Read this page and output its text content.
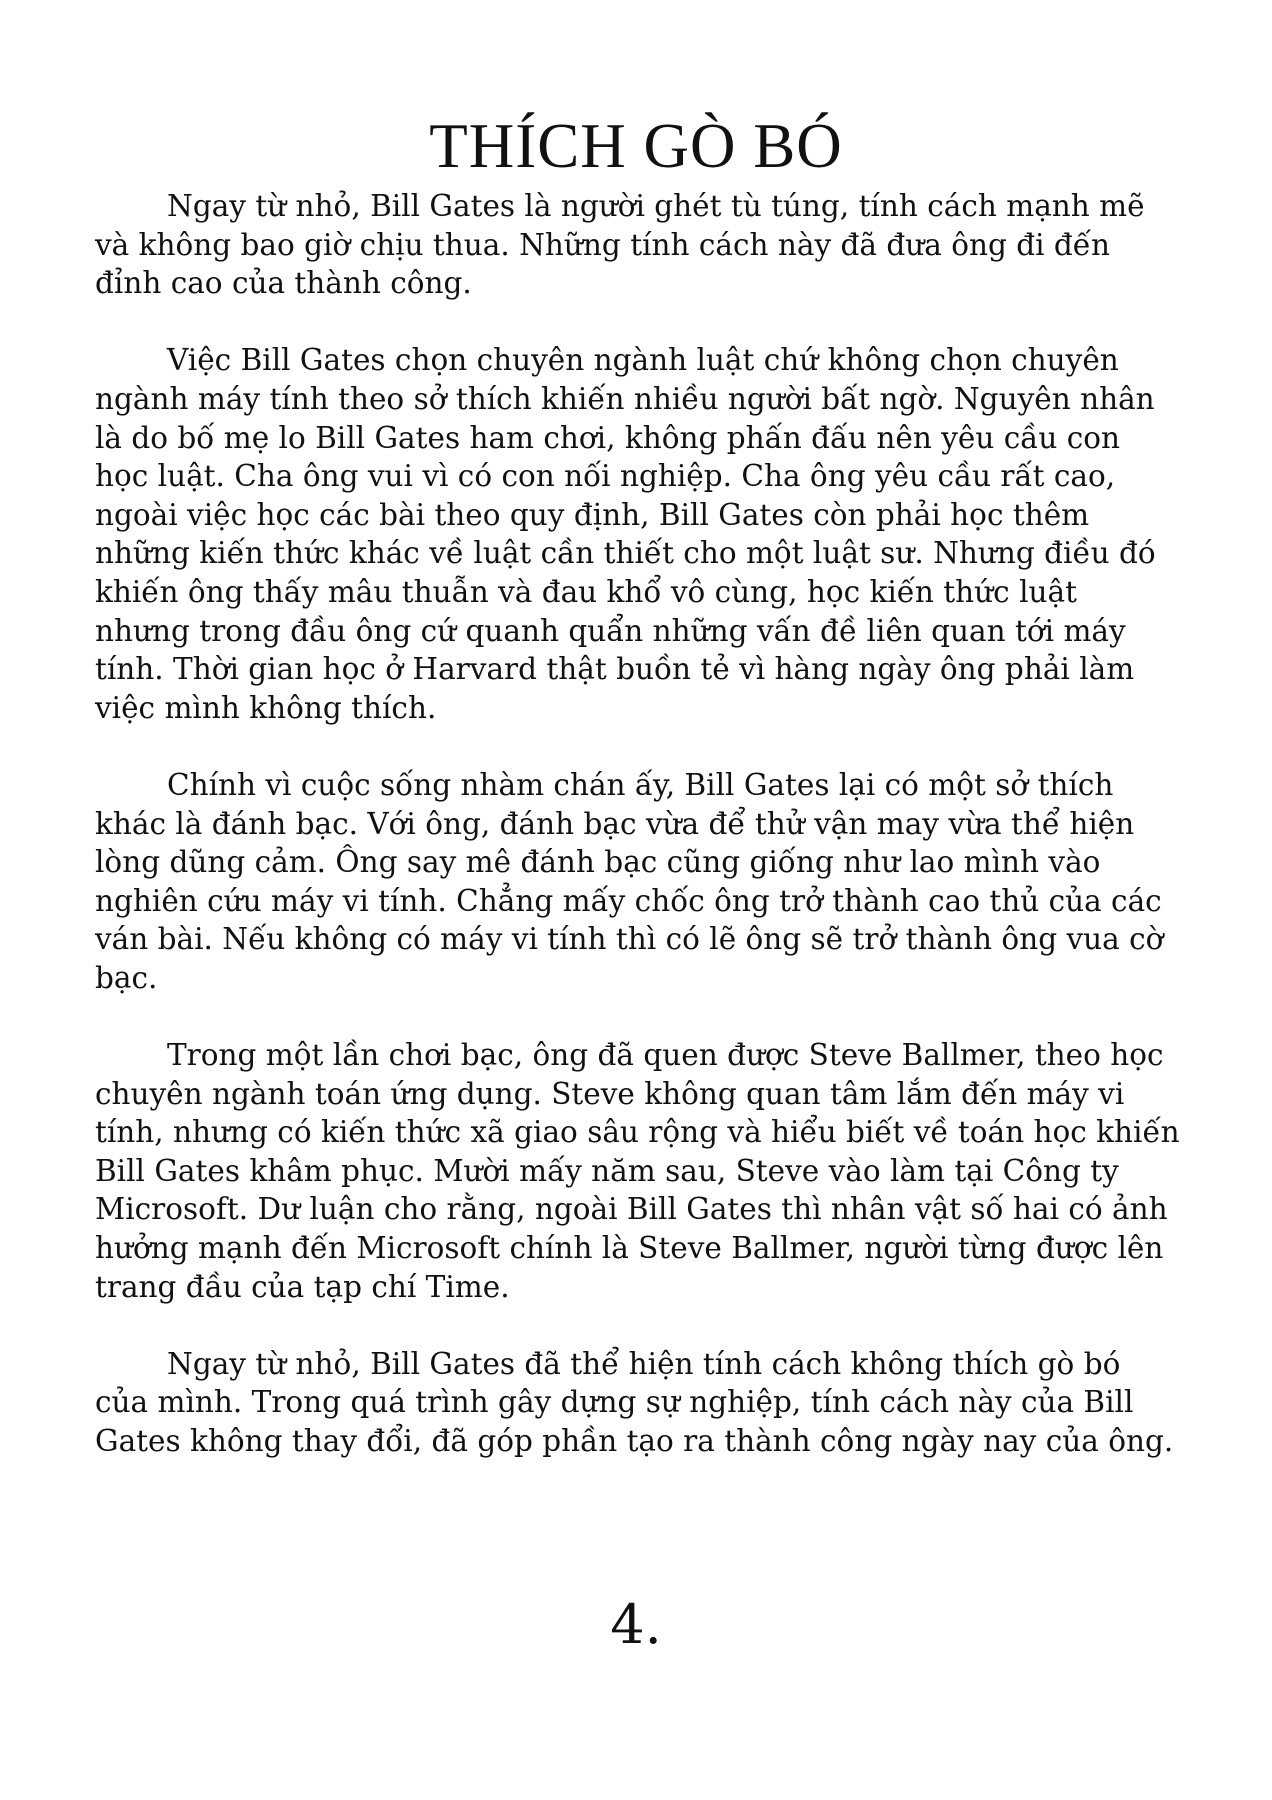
THÍCH GÒ BÓ

Ngay từ nhỏ, Bill Gates là người ghét tù túng, tính cách mạnh mẽ và không bao giờ chịu thua. Những tính cách này đã đưa ông đi đến đỉnh cao của thành công.

Việc Bill Gates chọn chuyên ngành luật chứ không chọn chuyên ngành máy tính theo sở thích khiến nhiều người bất ngờ. Nguyên nhân là do bố mẹ lo Bill Gates ham chơi, không phấn đấu nên yêu cầu con học luật. Cha ông vui vì có con nối nghiệp. Cha ông yêu cầu rất cao, ngoài việc học các bài theo quy định, Bill Gates còn phải học thêm những kiến thức khác về luật cần thiết cho một luật sư. Nhưng điều đó khiến ông thấy mâu thuẫn và đau khổ vô cùng, học kiến thức luật nhưng trong đầu ông cứ quanh quẩn những vấn đề liên quan tới máy tính. Thời gian học ở Harvard thật buồn tẻ vì hàng ngày ông phải làm việc mình không thích.

Chính vì cuộc sống nhàm chán ấy, Bill Gates lại có một sở thích khác là đánh bạc. Với ông, đánh bạc vừa để thử vận may vừa thể hiện lòng dũng cảm. Ông say mê đánh bạc cũng giống như lao mình vào nghiên cứu máy vi tính. Chẳng mấy chốc ông trở thành cao thủ của các ván bài. Nếu không có máy vi tính thì có lẽ ông sẽ trở thành ông vua cờ bạc.

Trong một lần chơi bạc, ông đã quen được Steve Ballmer, theo học chuyên ngành toán ứng dụng. Steve không quan tâm lắm đến máy vi tính, nhưng có kiến thức xã giao sâu rộng và hiểu biết về toán học khiến Bill Gates khâm phục. Mười mấy năm sau, Steve vào làm tại Công ty Microsoft. Dư luận cho rằng, ngoài Bill Gates thì nhân vật số hai có ảnh hưởng mạnh đến Microsoft chính là Steve Ballmer, người từng được lên trang đầu của tạp chí Time.

Ngay từ nhỏ, Bill Gates đã thể hiện tính cách không thích gò bó của mình. Trong quá trình gây dựng sự nghiệp, tính cách này của Bill Gates không thay đổi, đã góp phần tạo ra thành công ngày nay của ông.

4.
